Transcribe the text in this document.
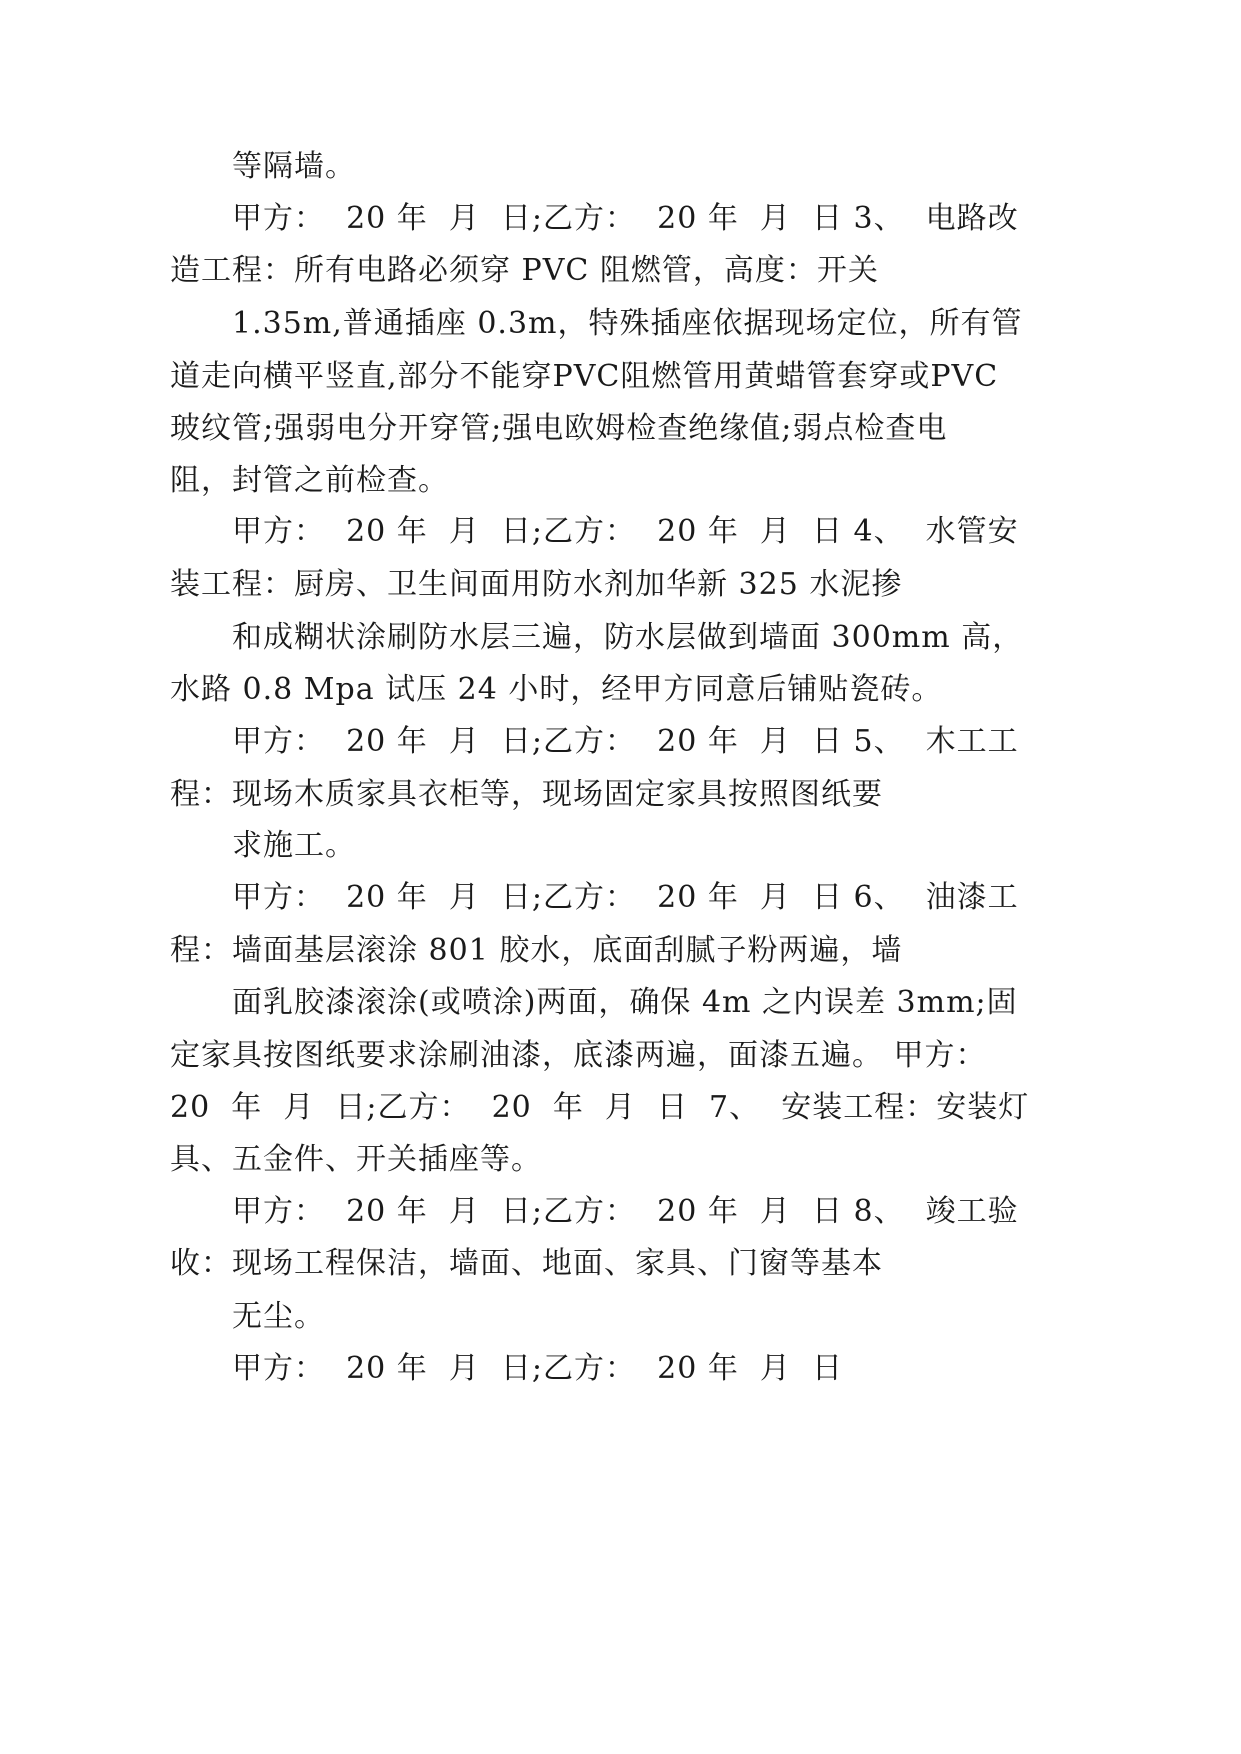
等隔墙。
甲方：  20 年  月  日;乙方：  20 年  月  日 3、  电路改
造工程：所有电路必须穿 PVC 阻燃管，高度：开关
1.35m,普通插座 0.3m，特殊插座依据现场定位，所有管
道走向横平竖直,部分不能穿PVC阻燃管用黄蜡管套穿或PVC
玻纹管;强弱电分开穿管;强电欧姆检查绝缘值;弱点检查电
阻，封管之前检查。
甲方：  20 年  月  日;乙方：  20 年  月  日 4、  水管安
装工程：厨房、卫生间面用防水剂加华新 325 水泥掺
和成糊状涂刷防水层三遍，防水层做到墙面 300mm 高，
水路 0.8 Mpa 试压 24 小时，经甲方同意后铺贴瓷砖。
甲方：  20 年  月  日;乙方：  20 年  月  日 5、  木工工
程：现场木质家具衣柜等，现场固定家具按照图纸要
求施工。
甲方：  20 年  月  日;乙方：  20 年  月  日 6、  油漆工
程：墙面基层滚涂 801 胶水，底面刮腻子粉两遍，墙
面乳胶漆滚涂(或喷涂)两面，确保 4m 之内误差 3mm;固
定家具按图纸要求涂刷油漆，底漆两遍，面漆五遍。 甲方：
20  年  月  日;乙方：  20  年  月  日  7、  安装工程：安装灯
具、五金件、开关插座等。
甲方：  20 年  月  日;乙方：  20 年  月  日 8、  竣工验
收：现场工程保洁，墙面、地面、家具、门窗等基本
无尘。
甲方：  20 年  月  日;乙方：  20 年  月  日
